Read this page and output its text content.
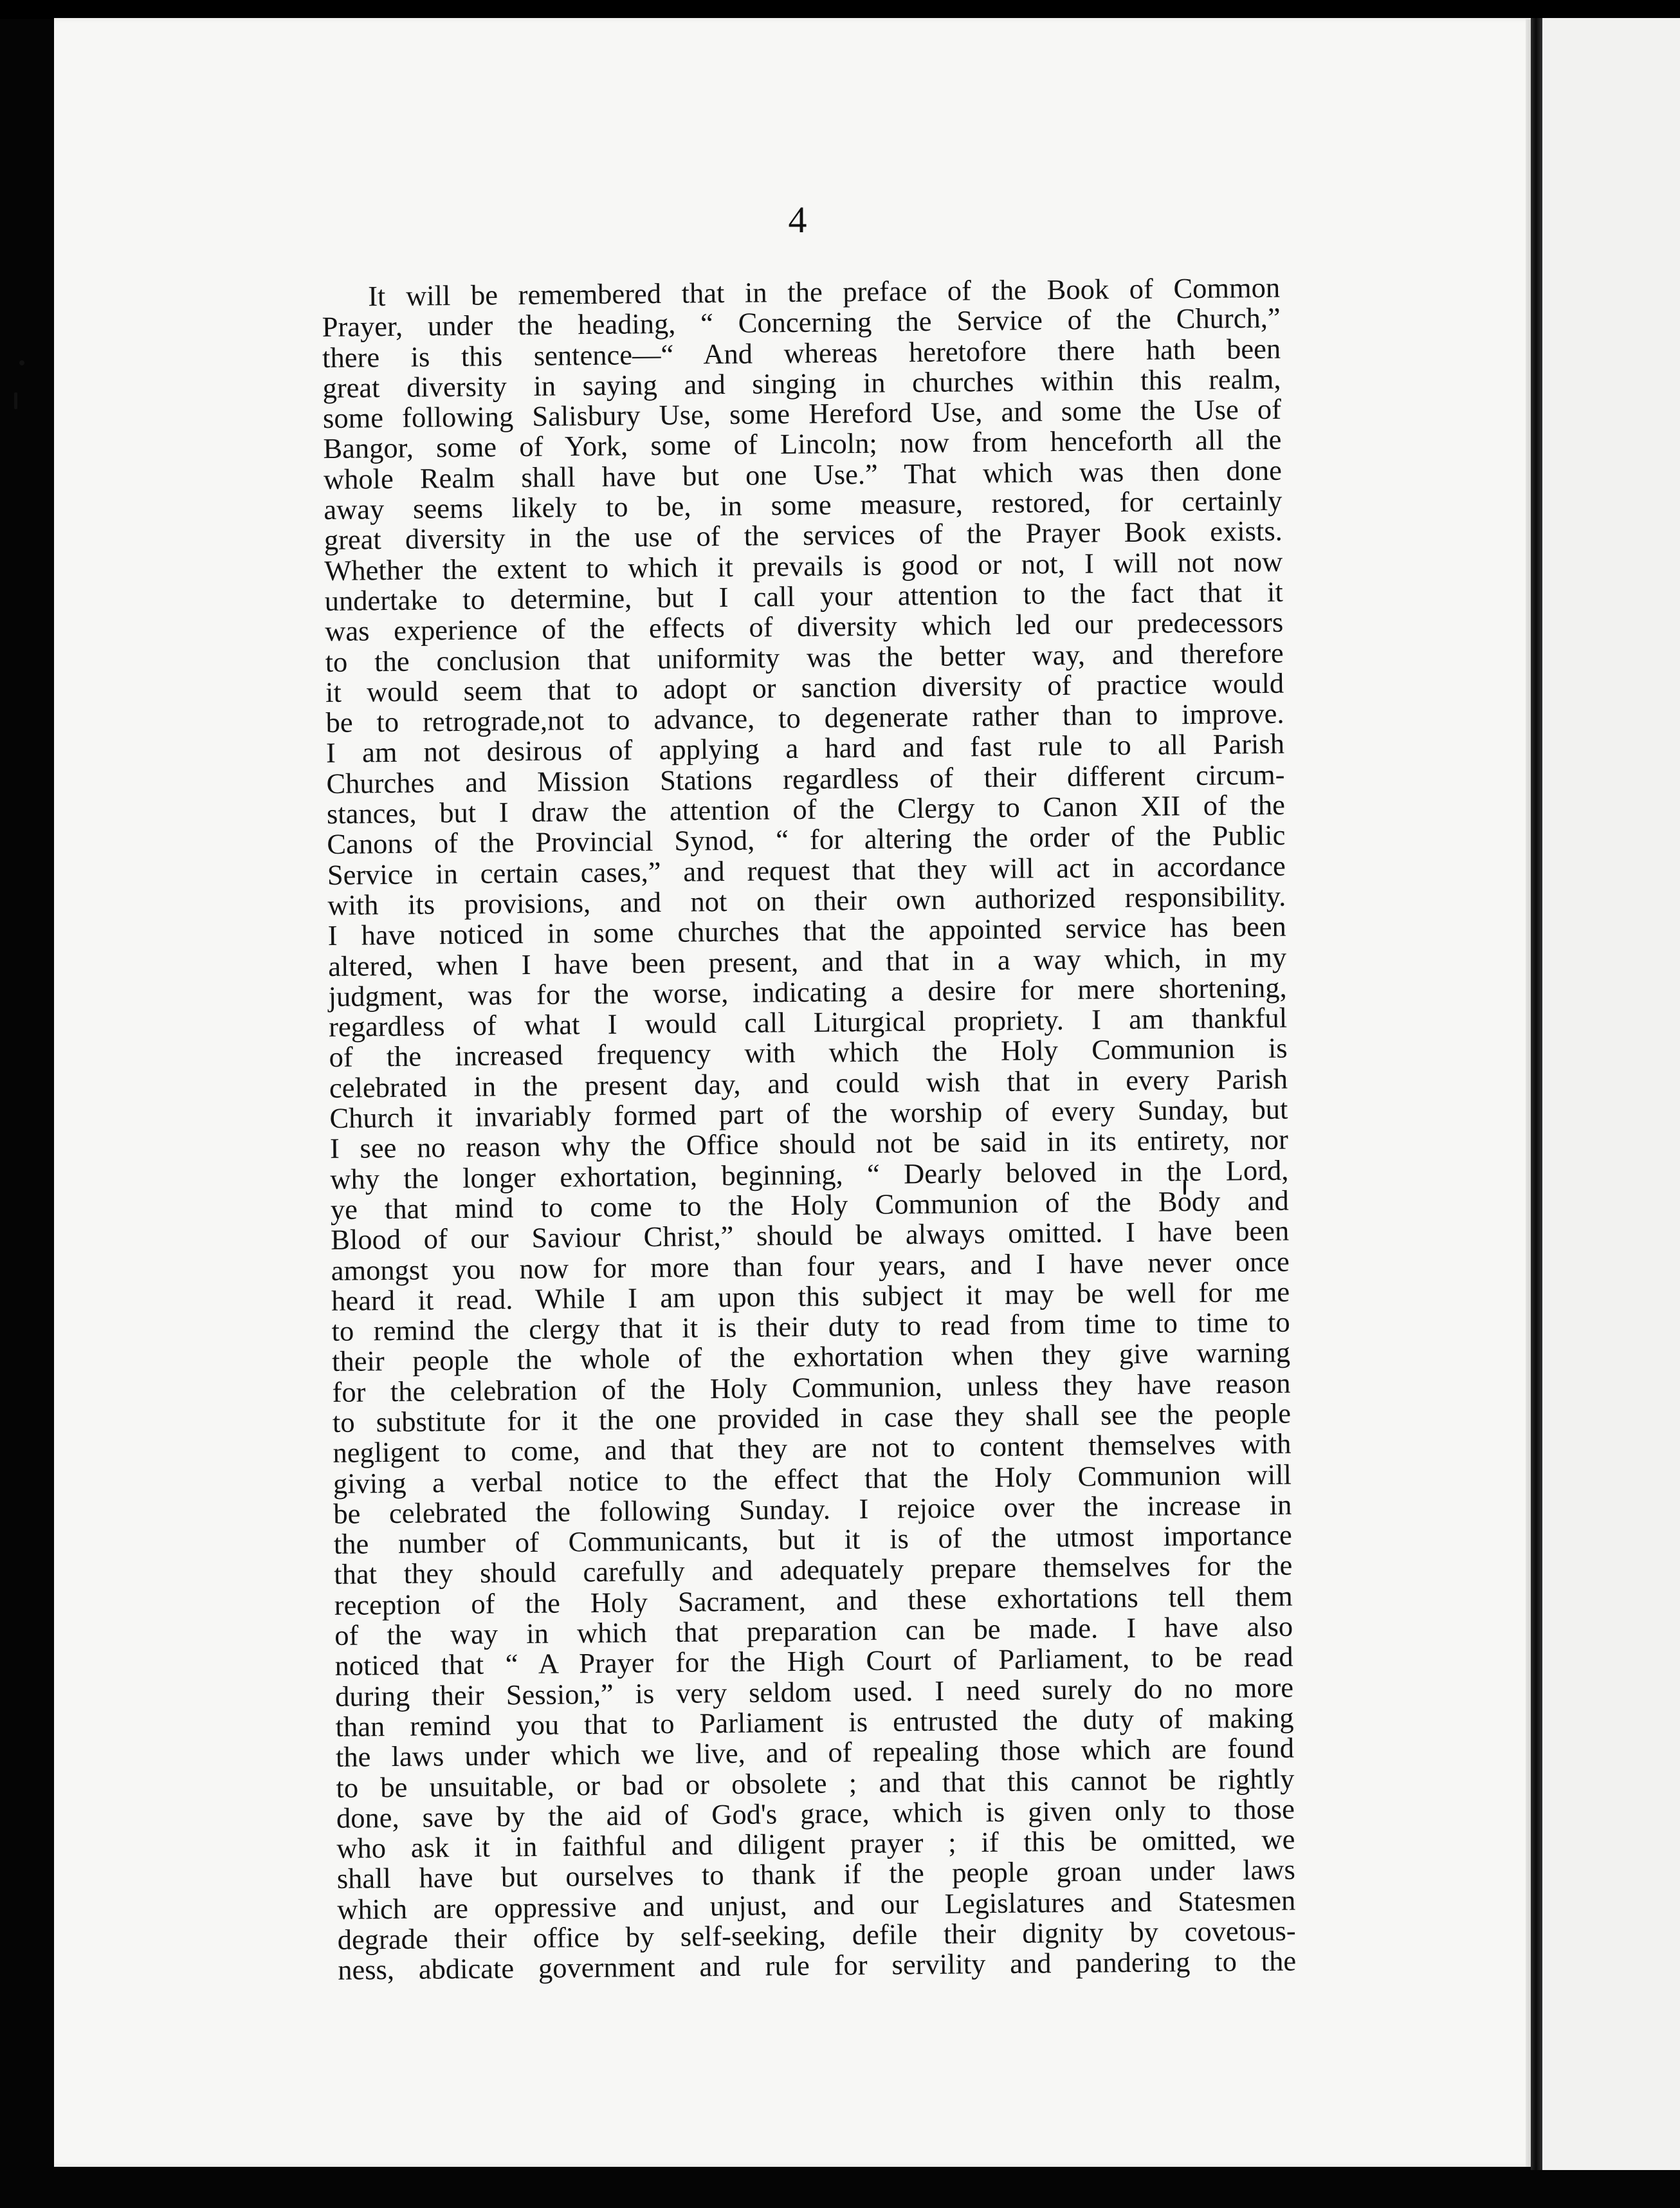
4
It will be remembered that in the preface of the Book of Common
Prayer, under the heading, “ Concerning the Service of the Church,”
there is this sentence—“ And whereas heretofore there hath been
great diversity in saying and singing in churches within this realm,
some following Salisbury Use, some Hereford Use, and some the Use of
Bangor, some of York, some of Lincoln; now from henceforth all the
whole Realm shall have but one Use.” That which was then done
away seems likely to be, in some measure, restored, for certainly
great diversity in the use of the services of the Prayer Book exists.
Whether the extent to which it prevails is good or not, I will not now
undertake to determine, but I call your attention to the fact that it
was experience of the effects of diversity which led our predecessors
to the conclusion that uniformity was the better way, and therefore
it would seem that to adopt or sanction diversity of practice would
be to retrograde,not to advance, to degenerate rather than to improve.
I am not desirous of applying a hard and fast rule to all Parish
Churches and Mission Stations regardless of their different circum-
stances, but I draw the attention of the Clergy to Canon XII of the
Canons of the Provincial Synod, “ for altering the order of the Public
Service in certain cases,” and request that they will act in accordance
with its provisions, and not on their own authorized responsibility.
I have noticed in some churches that the appointed service has been
altered, when I have been present, and that in a way which, in my
judgment, was for the worse, indicating a desire for mere shortening,
regardless of what I would call Liturgical propriety. I am thankful
of the increased frequency with which the Holy Communion is
celebrated in the present day, and could wish that in every Parish
Church it invariably formed part of the worship of every Sunday, but
I see no reason why the Office should not be said in its entirety, nor
why the longer exhortation, beginning, “ Dearly beloved in the Lord,
ye that mind to come to the Holy Communion of the Body and
Blood of our Saviour Christ,” should be always omitted. I have been
amongst you now for more than four years, and I have never once
heard it read. While I am upon this subject it may be well for me
to remind the clergy that it is their duty to read from time to time to
their people the whole of the exhortation when they give warning
for the celebration of the Holy Communion, unless they have reason
to substitute for it the one provided in case they shall see the people
negligent to come, and that they are not to content themselves with
giving a verbal notice to the effect that the Holy Communion will
be celebrated the following Sunday. I rejoice over the increase in
the number of Communicants, but it is of the utmost importance
that they should carefully and adequately prepare themselves for the
reception of the Holy Sacrament, and these exhortations tell them
of the way in which that preparation can be made. I have also
noticed that “ A Prayer for the High Court of Parliament, to be read
during their Session,” is very seldom used. I need surely do no more
than remind you that to Parliament is entrusted the duty of making
the laws under which we live, and of repealing those which are found
to be unsuitable, or bad or obsolete ; and that this cannot be rightly
done, save by the aid of God's grace, which is given only to those
who ask it in faithful and diligent prayer ; if this be omitted, we
shall have but ourselves to thank if the people groan under laws
which are oppressive and unjust, and our Legislatures and Statesmen
degrade their office by self-seeking, defile their dignity by covetous-
ness, abdicate government and rule for servility and pandering to the
